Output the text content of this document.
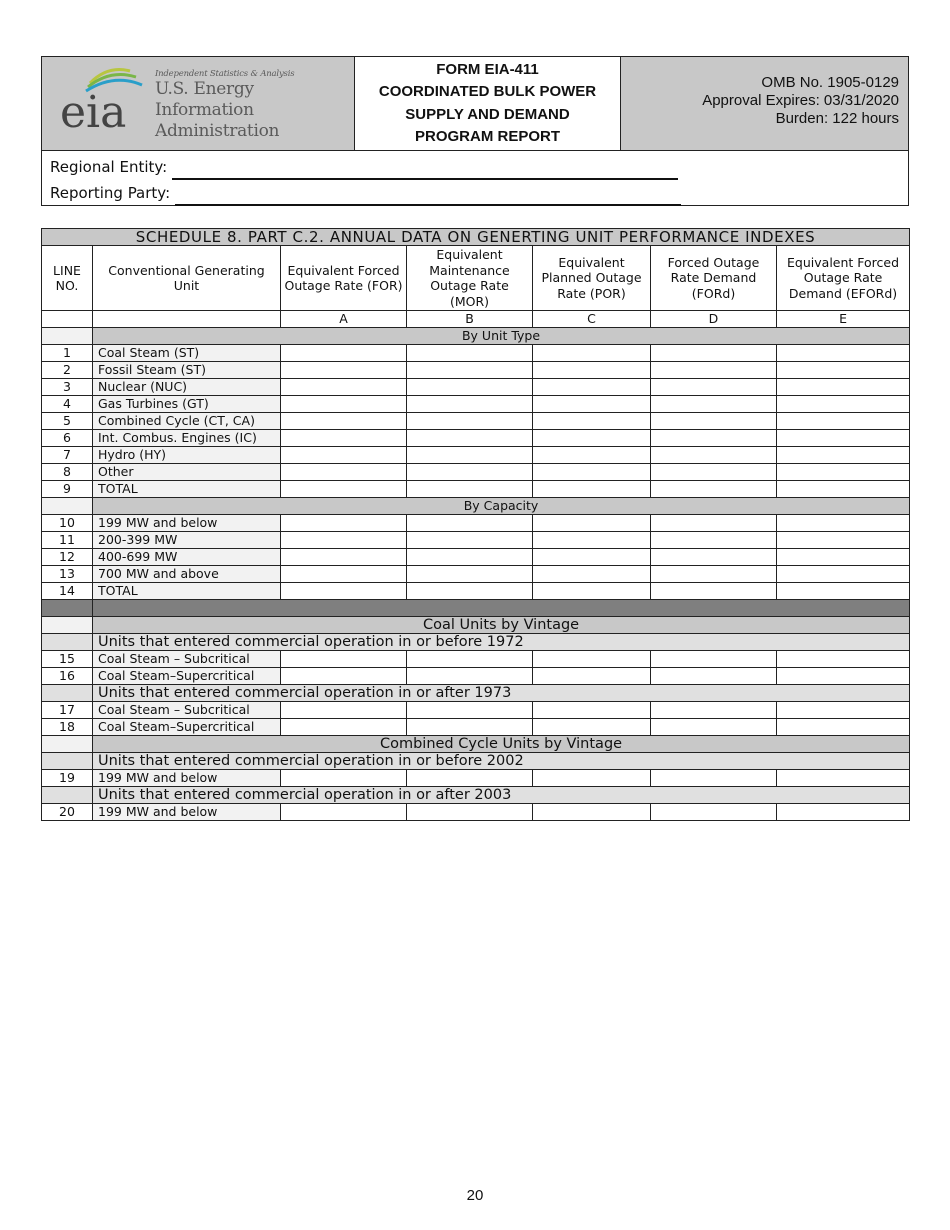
eia
Independent Statistics & Analysis
U.S. Energy Information
Administration
FORM EIA-411
COORDINATED BULK POWER
SUPPLY AND DEMAND
PROGRAM REPORT
OMB No. 1905-0129
Approval Expires: 03/31/2020
Burden: 122 hours
Regional Entity:
Reporting Party:
SCHEDULE 8. PART C.2. ANNUAL DATA ON GENERTING UNIT PERFORMANCE INDEXES						
LINE NO.	Conventional Generating Unit	Equivalent Forced Outage Rate (FOR)	Equivalent Maintenance Outage Rate (MOR)	Equivalent Planned Outage Rate (POR)	Forced Outage Rate Demand (FORd)	Equivalent Forced Outage Rate Demand (EFORd)
		A	B	C	D	E
	By Unit Type					
1	Coal Steam (ST)					
2	Fossil Steam (ST)					
3	Nuclear (NUC)					
4	Gas Turbines (GT)					
5	Combined Cycle (CT, CA)					
6	Int. Combus. Engines (IC)					
7	Hydro (HY)					
8	Other					
9	TOTAL					
	By Capacity					
10	199 MW and below					
11	200-399 MW					
12	400-699 MW					
13	700 MW and above					
14	TOTAL					

	Coal Units by Vintage					
	Units that entered commercial operation in or before 1972					
15	Coal Steam – Subcritical					
16	Coal Steam–Supercritical					
	Units that entered commercial operation in or after 1973					
17	Coal Steam – Subcritical					
18	Coal Steam–Supercritical					
	Combined Cycle Units by Vintage					
	Units that entered commercial operation in or before 2002					
19	199 MW and below					
	Units that entered commercial operation in or after 2003					
20	199 MW and below					
20
